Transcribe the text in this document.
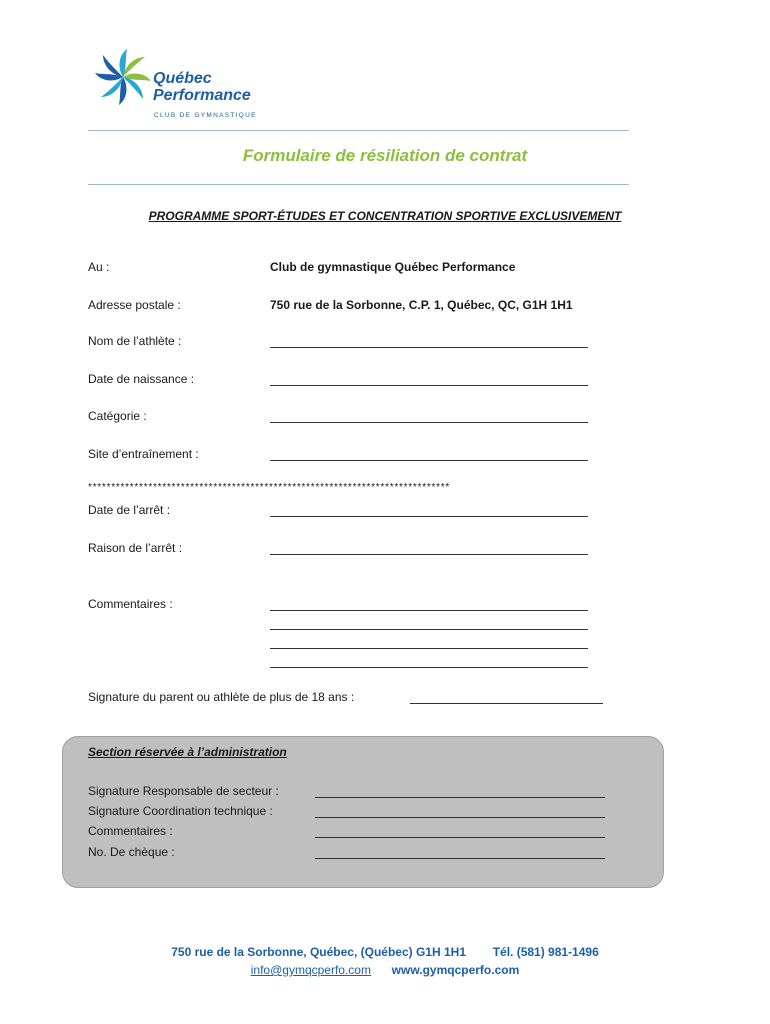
Québec
Performance
CLUB DE GYMNASTIQUE
Formulaire de résiliation de contrat
PROGRAMME SPORT-ÉTUDES ET CONCENTRATION SPORTIVE EXCLUSIVEMENT
Au :	Club de gymnastique Québec Performance
Adresse postale :	750 rue de la Sorbonne, C.P. 1, Québec, QC, G1H 1H1
Nom de l’athlète :
Date de naissance :
Catégorie :
Site d’entraînement :
******************************************************************************
Date de l’arrêt :
Raison de l’arrêt :
Commentaires :
Signature du parent ou athlète de plus de 18 ans :
Section réservée à l’administration
Signature Responsable de secteur :
Signature Coordination technique :
Commentaires :
No. De chèque :
750 rue de la Sorbonne, Québec, (Québec) G1H 1H1 Tél. (581) 981-1496
info@gymqcperfo.com www.gymqcperfo.com
